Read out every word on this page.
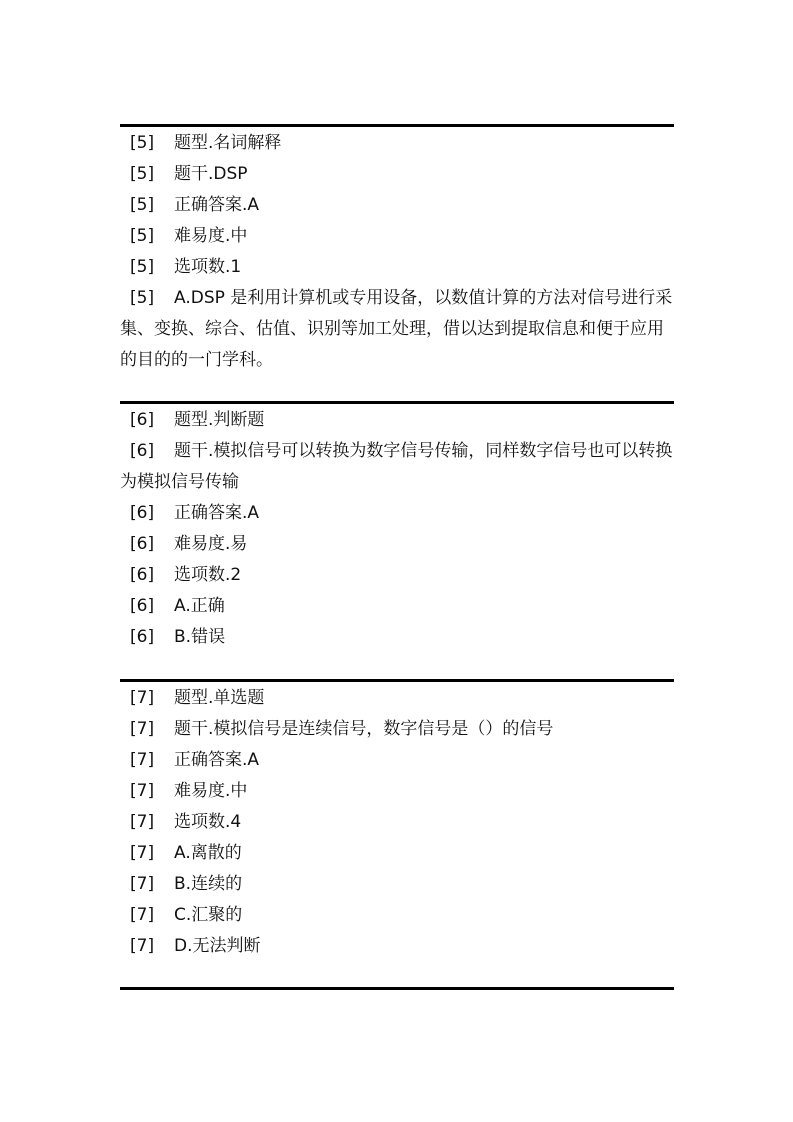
[5] 题型.名词解释
[5] 题干.DSP
[5] 正确答案.A
[5] 难易度.中
[5] 选项数.1
[5] A.DSP 是利用计算机或专用设备，以数值计算的方法对信号进行采集、变换、综合、估值、识别等加工处理，借以达到提取信息和便于应用的目的的一门学科。
[6] 题型.判断题
[6] 题干.模拟信号可以转换为数字信号传输，同样数字信号也可以转换为模拟信号传输
[6] 正确答案.A
[6] 难易度.易
[6] 选项数.2
[6] A.正确
[6] B.错误
[7] 题型.单选题
[7] 题干.模拟信号是连续信号，数字信号是（）的信号
[7] 正确答案.A
[7] 难易度.中
[7] 选项数.4
[7] A.离散的
[7] B.连续的
[7] C.汇聚的
[7] D.无法判断
